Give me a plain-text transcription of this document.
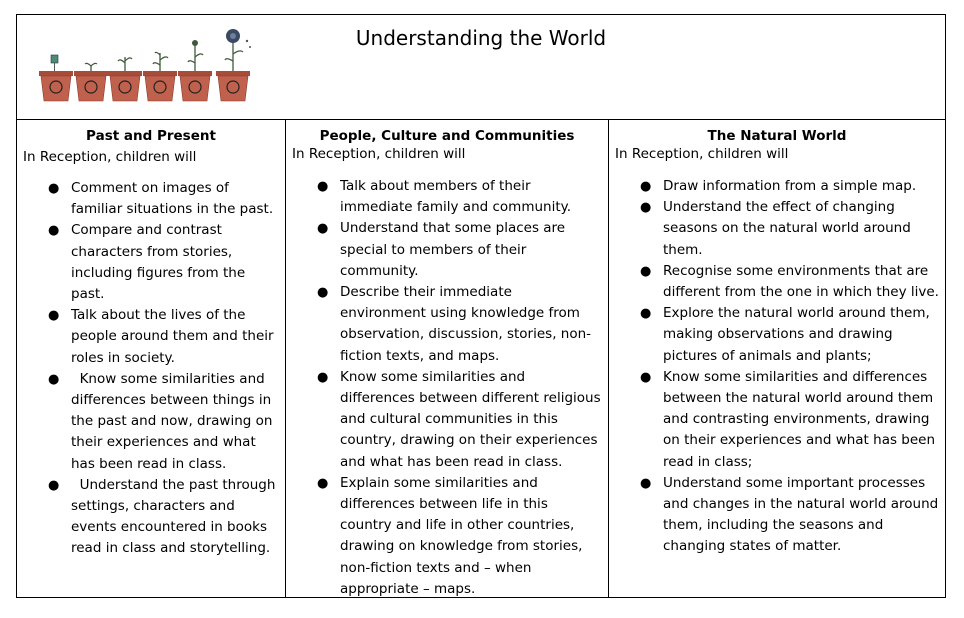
Understanding the World
Past and Present
In Reception, children will
● Comment on images of familiar situations in the past.
● Compare and contrast characters from stories, including figures from the past.
● Talk about the lives of the people around them and their roles in society.
● Know some similarities and differences between things in the past and now, drawing on their experiences and what has been read in class.
● Understand the past through settings, characters and events encountered in books read in class and storytelling.
People, Culture and Communities
In Reception, children will
● Talk about members of their immediate family and community.
● Understand that some places are special to members of their community.
● Describe their immediate environment using knowledge from observation, discussion, stories, non-fiction texts, and maps.
● Know some similarities and differences between different religious and cultural communities in this country, drawing on their experiences and what has been read in class.
● Explain some similarities and differences between life in this country and life in other countries, drawing on knowledge from stories, non-fiction texts and – when appropriate – maps.
The Natural World
In Reception, children will
● Draw information from a simple map.
● Understand the effect of changing seasons on the natural world around them.
● Recognise some environments that are different from the one in which they live.
● Explore the natural world around them, making observations and drawing pictures of animals and plants;
● Know some similarities and differences between the natural world around them and contrasting environments, drawing on their experiences and what has been read in class;
● Understand some important processes and changes in the natural world around them, including the seasons and changing states of matter.
